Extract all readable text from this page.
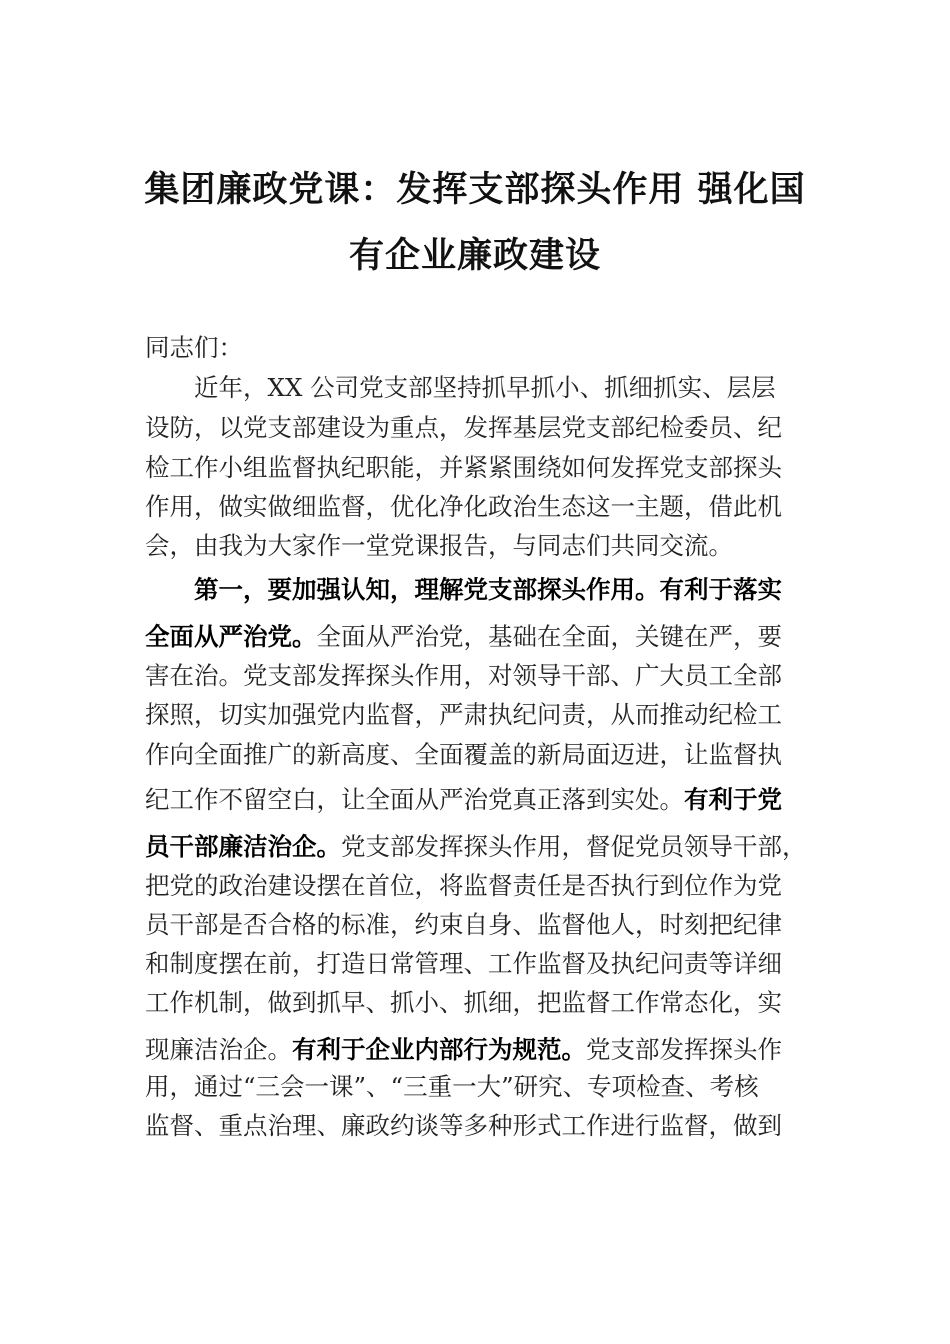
集团廉政党课：发挥支部探头作用 强化国
有企业廉政建设
同志们：
　　近年，XX 公司党支部坚持抓早抓小、抓细抓实、层层
设防，以党支部建设为重点，发挥基层党支部纪检委员、纪
检工作小组监督执纪职能，并紧紧围绕如何发挥党支部探头
作用，做实做细监督，优化净化政治生态这一主题，借此机
会，由我为大家作一堂党课报告，与同志们共同交流。
　　第一，要加强认知，理解党支部探头作用。有利于落实
全面从严治党。全面从严治党，基础在全面，关键在严，要
害在治。党支部发挥探头作用，对领导干部、广大员工全部
探照，切实加强党内监督，严肃执纪问责，从而推动纪检工
作向全面推广的新高度、全面覆盖的新局面迈进，让监督执
纪工作不留空白，让全面从严治党真正落到实处。有利于党
员干部廉洁治企。党支部发挥探头作用，督促党员领导干部，
把党的政治建设摆在首位，将监督责任是否执行到位作为党
员干部是否合格的标准，约束自身、监督他人，时刻把纪律
和制度摆在前，打造日常管理、工作监督及执纪问责等详细
工作机制，做到抓早、抓小、抓细，把监督工作常态化，实
现廉洁治企。有利于企业内部行为规范。党支部发挥探头作
用，通过“三会一课”、“三重一大”研究、专项检查、考核
监督、重点治理、廉政约谈等多种形式工作进行监督，做到
